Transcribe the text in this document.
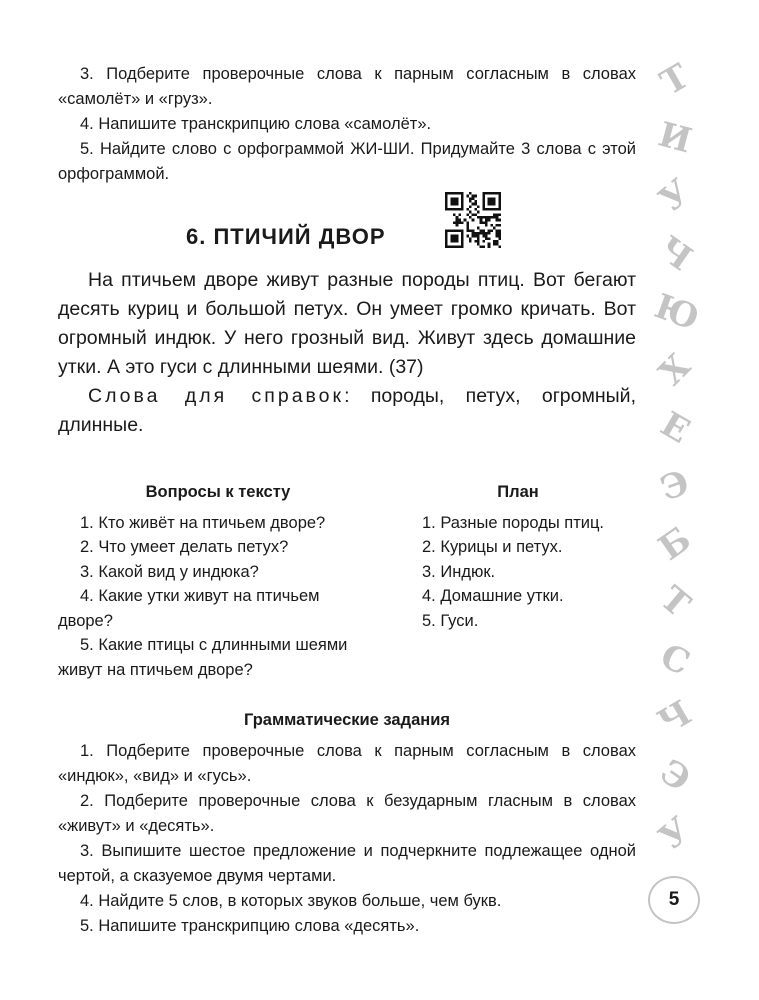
3. Подберите проверочные слова к парным согласным в словах «самолёт» и «груз».

4. Напишите транскрипцию слова «самолёт».

5. Найдите слово с орфограммой ЖИ-ШИ. Придумайте 3 слова с этой орфограммой.

6. ПТИЧИЙ ДВОР

На птичьем дворе живут разные породы птиц. Вот бегают десять куриц и большой петух. Он умеет громко кричать. Вот огромный индюк. У него грозный вид. Живут здесь домашние утки. А это гуси с длинными шеями. (37)

Слова для справок: породы, петух, огромный, длинные.

Вопросы к тексту

1. Кто живёт на птичьем дворе?

2. Что умеет делать петух?

3. Какой вид у индюка?

4. Какие утки живут на птичьем дворе?

5. Какие птицы с длинными шеями живут на птичьем дворе?

План

1. Разные породы птиц.

2. Курицы и петух.

3. Индюк.

4. Домашние утки.

5. Гуси.

Грамматические задания

1. Подберите проверочные слова к парным согласным в словах «индюк», «вид» и «гусь».

2. Подберите проверочные слова к безударным гласным в словах «живут» и «десять».

3. Выпишите шестое предложение и подчеркните подлежащее одной чертой, а сказуемое двумя чертами.

4. Найдите 5 слов, в которых звуков больше, чем букв.

5. Напишите транскрипцию слова «десять».

Т
И
У
Ч
Ю
Х
Е
Э
Б
Т
С
Ч
Э
У
5
